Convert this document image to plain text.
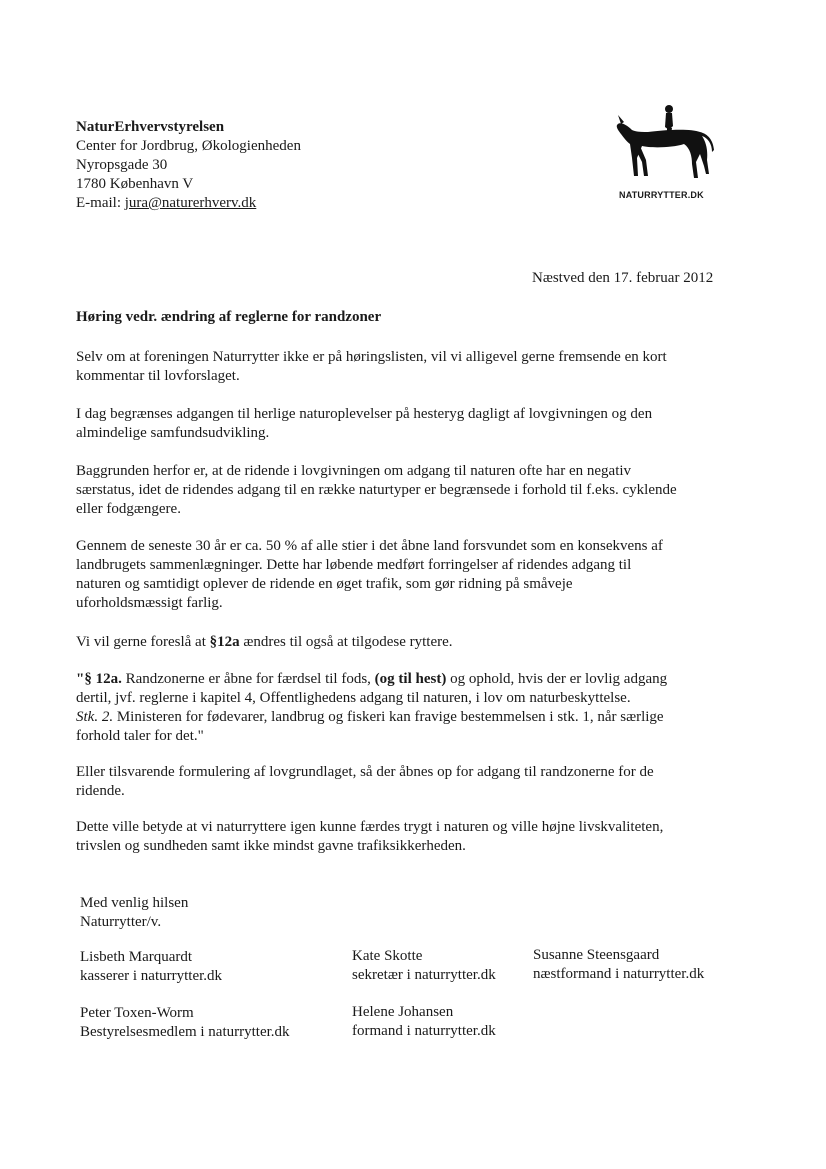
NaturErhvervstyrelsen
Center for Jordbrug, Økologienheden
Nyropsgade 30
1780 København V
E-mail: jura@naturerhverv.dk	NATURRYTTER.DK
Næstved den 17. februar 2012
Høring vedr. ændring af reglerne for randzoner
Selv om at foreningen Naturrytter ikke er på høringslisten, vil vi alligevel gerne fremsende en kort
kommentar til lovforslaget.
I dag begrænses adgangen til herlige naturoplevelser på hesteryg dagligt af lovgivningen og den
almindelige samfundsudvikling.
Baggrunden herfor er, at de ridende i lovgivningen om adgang til naturen ofte har en negativ
særstatus, idet de ridendes adgang til en række naturtyper er begrænsede i forhold til f.eks. cyklende
eller fodgængere.
Gennem de seneste 30 år er ca. 50 % af alle stier i det åbne land forsvundet som en konsekvens af
landbrugets sammenlægninger. Dette har løbende medført forringelser af ridendes adgang til
naturen og samtidigt oplever de ridende en øget trafik, som gør ridning på småveje
uforholdsmæssigt farlig.
Vi vil gerne foreslå at §12a ændres til også at tilgodese ryttere.
"§ 12a. Randzonerne er åbne for færdsel til fods, (og til hest) og ophold, hvis der er lovlig adgang
dertil, jvf. reglerne i kapitel 4, Offentlighedens adgang til naturen, i lov om naturbeskyttelse.
Stk. 2. Ministeren for fødevarer, landbrug og fiskeri kan fravige bestemmelsen i stk. 1, når særlige
forhold taler for det."
Eller tilsvarende formulering af lovgrundlaget, så der åbnes op for adgang til randzonerne for de
ridende.
Dette ville betyde at vi naturryttere igen kunne færdes trygt i naturen og ville højne livskvaliteten,
trivslen og sundheden samt ikke mindst gavne trafiksikkerheden.
Med venlig hilsen
Naturrytter/v.
Lisbeth Marquardt
kasserer i naturrytter.dk
Kate Skotte
sekretær i naturrytter.dk
Susanne Steensgaard
næstformand i naturrytter.dk
Peter Toxen-Worm
Bestyrelsesmedlem i naturrytter.dk
Helene Johansen
formand i naturrytter.dk
